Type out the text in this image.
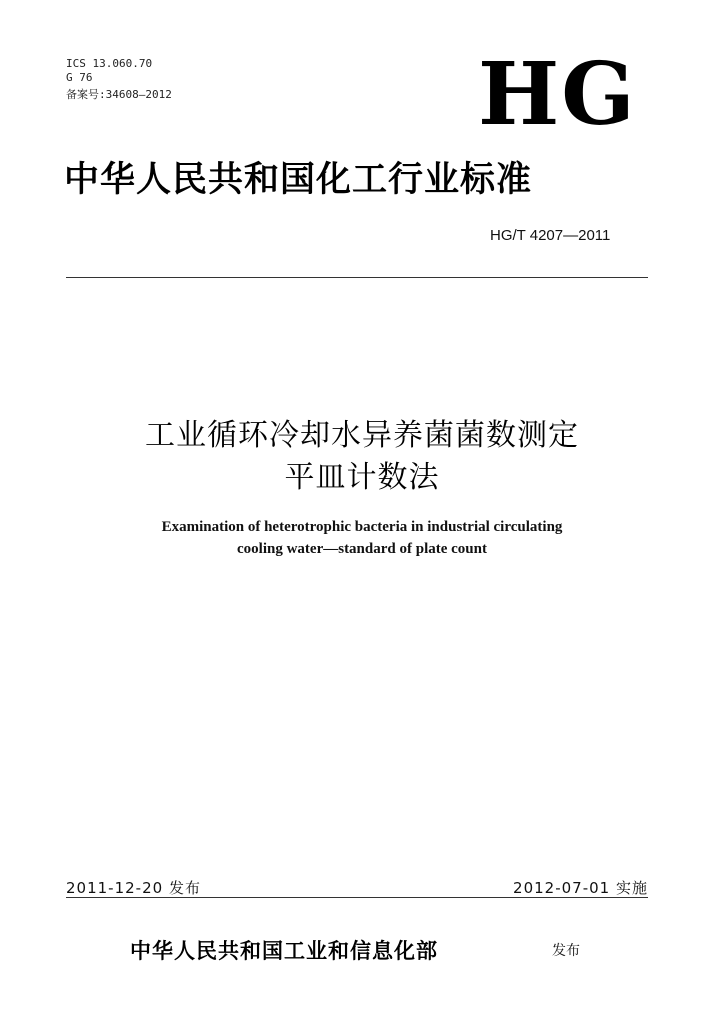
ICS 13.060.70
G 76
备案号:34608—2012	HG
中华人民共和国化工行业标准
HG/T 4207—2011
工业循环冷却水异养菌菌数测定
平皿计数法
Examination of heterotrophic bacteria in industrial circulating
cooling water—standard of plate count
2011-12-20 发布	2012-07-01 实施
中华人民共和国工业和信息化部	发布
